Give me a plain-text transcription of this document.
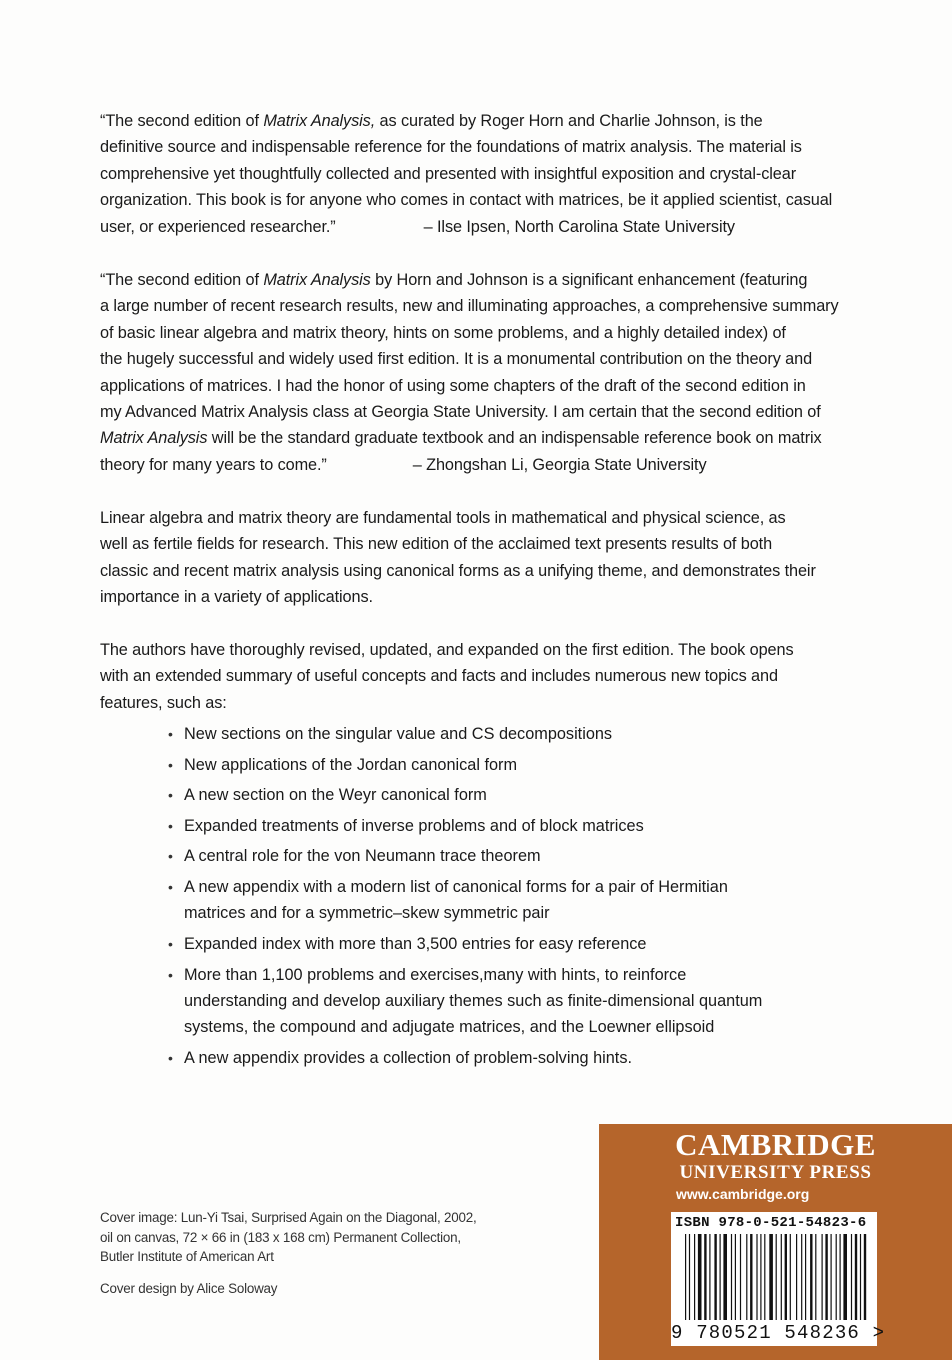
“The second edition of Matrix Analysis, as curated by Roger Horn and Charlie Johnson, is the
definitive source and indispensable reference for the foundations of matrix analysis. The material is
comprehensive yet thoughtfully collected and presented with insightful exposition and crystal-clear
organization. This book is for anyone who comes in contact with matrices, be it applied scientist, casual
user, or experienced researcher.”	– Ilse Ipsen, North Carolina State University
“The second edition of Matrix Analysis by Horn and Johnson is a significant enhancement (featuring
a large number of recent research results, new and illuminating approaches, a comprehensive summary
of basic linear algebra and matrix theory, hints on some problems, and a highly detailed index) of
the hugely successful and widely used first edition. It is a monumental contribution on the theory and
applications of matrices. I had the honor of using some chapters of the draft of the second edition in
my Advanced Matrix Analysis class at Georgia State University. I am certain that the second edition of
Matrix Analysis will be the standard graduate textbook and an indispensable reference book on matrix
theory for many years to come.”	– Zhongshan Li, Georgia State University
Linear algebra and matrix theory are fundamental tools in mathematical and physical science, as
well as fertile fields for research. This new edition of the acclaimed text presents results of both
classic and recent matrix analysis using canonical forms as a unifying theme, and demonstrates their
importance in a variety of applications.
The authors have thoroughly revised, updated, and expanded on the first edition. The book opens
with an extended summary of useful concepts and facts and includes numerous new topics and
features, such as:
• New sections on the singular value and CS decompositions
• New applications of the Jordan canonical form
• A new section on the Weyr canonical form
• Expanded treatments of inverse problems and of block matrices
• A central role for the von Neumann trace theorem
• A new appendix with a modern list of canonical forms for a pair of Hermitian
matrices and for a symmetric–skew symmetric pair
• Expanded index with more than 3,500 entries for easy reference
• More than 1,100 problems and exercises,many with hints, to reinforce
understanding and develop auxiliary themes such as finite-dimensional quantum
systems, the compound and adjugate matrices, and the Loewner ellipsoid
• A new appendix provides a collection of problem-solving hints.
Cover image: Lun-Yi Tsai, Surprised Again on the Diagonal, 2002,
oil on canvas, 72 × 66 in (183 x 168 cm) Permanent Collection,
Butler Institute of American Art
Cover design by Alice Soloway
CAMBRIDGE
UNIVERSITY PRESS
www.cambridge.org
ISBN 978-0-521-54823-6
9 780521 548236 >
